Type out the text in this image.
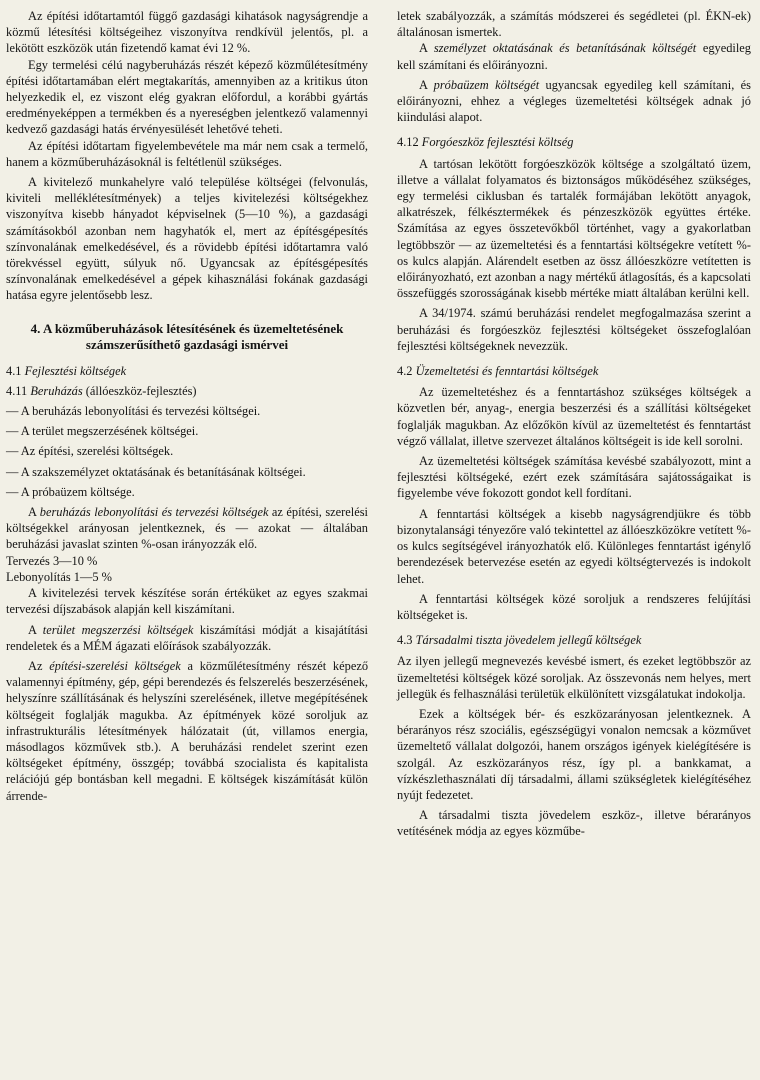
Az építési időtartamtól függő gazdasági kihatások nagyságrendje a közmű létesítési költségeihez viszonyítva rendkívül jelentős, pl. a lekötött eszközök után fizetendő kamat évi 12 %.

Egy termelési célú nagyberuházás részét képező közműlétesítmény építési időtartamában elért megtakarítás, amennyiben az a kritikus úton helyezkedik el, ez viszont elég gyakran előfordul, a korábbi gyártás eredményeképpen a termékben és a nyereségben jelentkező valamennyi kedvező gazdasági hatás érvényesülését lehetővé teheti.

Az építési időtartam figyelembevétele ma már nem csak a termelő, hanem a közműberuházásoknál is feltétlenül szükséges.

A kivitelező munkahelyre való települése költségei (felvonulás, kiviteli melléklétesítmények) a teljes kivitelezési költségekhez viszonyítva kisebb hányadot képviselnek (5—10 %), a gazdasági számításokból azonban nem hagyhatók el, mert az építésgépesítés színvonalának emelkedésével, és a rövidebb építési időtartamra való törekvéssel együtt, súlyuk nő. Ugyancsak az építésgépesítés színvonalának emelkedésével a gépek kihasználási fokának gazdasági hatása egyre jelentősebb lesz.

4. A közműberuházások létesítésének és üzemeltetésének számszerűsíthető gazdasági ismérvei
4.1 Fejlesztési költségek
4.11 Beruházás (állóeszköz-fejlesztés)
— A beruházás lebonyolítási és tervezési költségei.
— A terület megszerzésének költségei.
— Az építési, szerelési költségek.
— A szakszemélyzet oktatásának és betanításának költségei.
— A próbaüzem költsége.

A beruházás lebonyolítási és tervezési költségek az építési, szerelési költségekkel arányosan jelentkeznek, és — azokat — általában beruházási javaslat szinten %-osan irányozzák elő.

Tervezés 3—10 %

Lebonyolítás 1—5 %

A kivitelezési tervek készítése során értéküket az egyes szakmai tervezési díjszabások alapján kell kiszámítani.

A terület megszerzési költségek kiszámítási módját a kisajátítási rendeletek és a MÉM ágazati előírások szabályozzák.

Az építési-szerelési költségek a közműlétesítmény részét képező valamennyi építmény, gép, gépi berendezés és felszerelés beszerzésének, helyszínre szállításának és helyszíni szerelésének, illetve megépítésének költségeit foglalják magukba. Az építmények közé soroljuk az infrastrukturális létesítmények hálózatait (út, villamos energia, másodlagos közművek stb.). A beruházási rendelet szerint ezen költségeket építmény, összgép; továbbá szocialista és kapitalista relációjú gép bontásban kell megadni. E költségek kiszámítását külön árrende-

letek szabályozzák, a számítás módszerei és segédletei (pl. ÉKN-ek) általánosan ismertek.

A személyzet oktatásának és betanításának költségét egyedileg kell számítani és előirányozni.

A próbaüzem költségét ugyancsak egyedileg kell számítani, és előirányozni, ehhez a végleges üzemeltetési költségek adnak jó kiindulási alapot.

4.12 Forgóeszköz fejlesztési költség

A tartósan lekötött forgóeszközök költsége a szolgáltató üzem, illetve a vállalat folyamatos és biztonságos működéséhez szükséges, egy termelési ciklusban és tartalék formájában lekötött anyagok, alkatrészek, félkésztermékek és pénzeszközök együttes értéke. Számítása az egyes összetevőkből történhet, vagy a gyakorlatban legtöbbször — az üzemeltetési és a fenntartási költségekre vetített %-os kulcs alapján. Alárendelt esetben az össz állóeszközre vetítetten is előirányozható, ezt azonban a nagy mértékű átlagosítás, és a kapcsolati összefüggés szorosságának kisebb mértéke miatt általában kerülni kell.

A 34/1974. számú beruházási rendelet megfogalmazása szerint a beruházási és forgóeszköz fejlesztési költségeket összefoglalóan fejlesztési költségeknek nevezzük.

4.2 Üzemeltetési és fenntartási költségek

Az üzemeltetéshez és a fenntartáshoz szükséges költségek a közvetlen bér, anyag-, energia beszerzési és a szállítási költségeket foglalják magukban. Az előzőkön kívül az üzemeltetést és fenntartást végző vállalat, illetve szervezet általános költségeit is ide kell sorolni.

Az üzemeltetési költségek számítása kevésbé szabályozott, mint a fejlesztési költségeké, ezért ezek számítására sajátosságaikat is figyelembe véve fokozott gondot kell fordítani.

A fenntartási költségek a kisebb nagyságrendjükre és több bizonytalansági tényezőre való tekintettel az állóeszközökre vetített %-os kulcs segítségével irányozhatók elő. Különleges fenntartást igénylő berendezések betervezése esetén az egyedi költségtervezés is indokolt lehet.

A fenntartási költségek közé soroljuk a rendszeres felújítási költségeket is.

4.3 Társadalmi tiszta jövedelem jellegű költségek

Az ilyen jellegű megnevezés kevésbé ismert, és ezeket legtöbbször az üzemeltetési költségek közé soroljak. Az összevonás nem helyes, mert jellegük és felhasználási területük elkülönített vizsgálatukat indokolja.

Ezek a költségek bér- és eszközarányosan jelentkeznek. A bérarányos rész szociális, egészségügyi vonalon nemcsak a közművet üzemeltető vállalat dolgozói, hanem országos igények kielégítésére is szolgál. Az eszközarányos rész, így pl. a bankkamat, a vízkészlethasználati díj társadalmi, állami szükségletek kielégítéséhez nyújt fedezetet.

A társadalmi tiszta jövedelem eszköz-, illetve bérarányos vetítésének módja az egyes közműbe-
